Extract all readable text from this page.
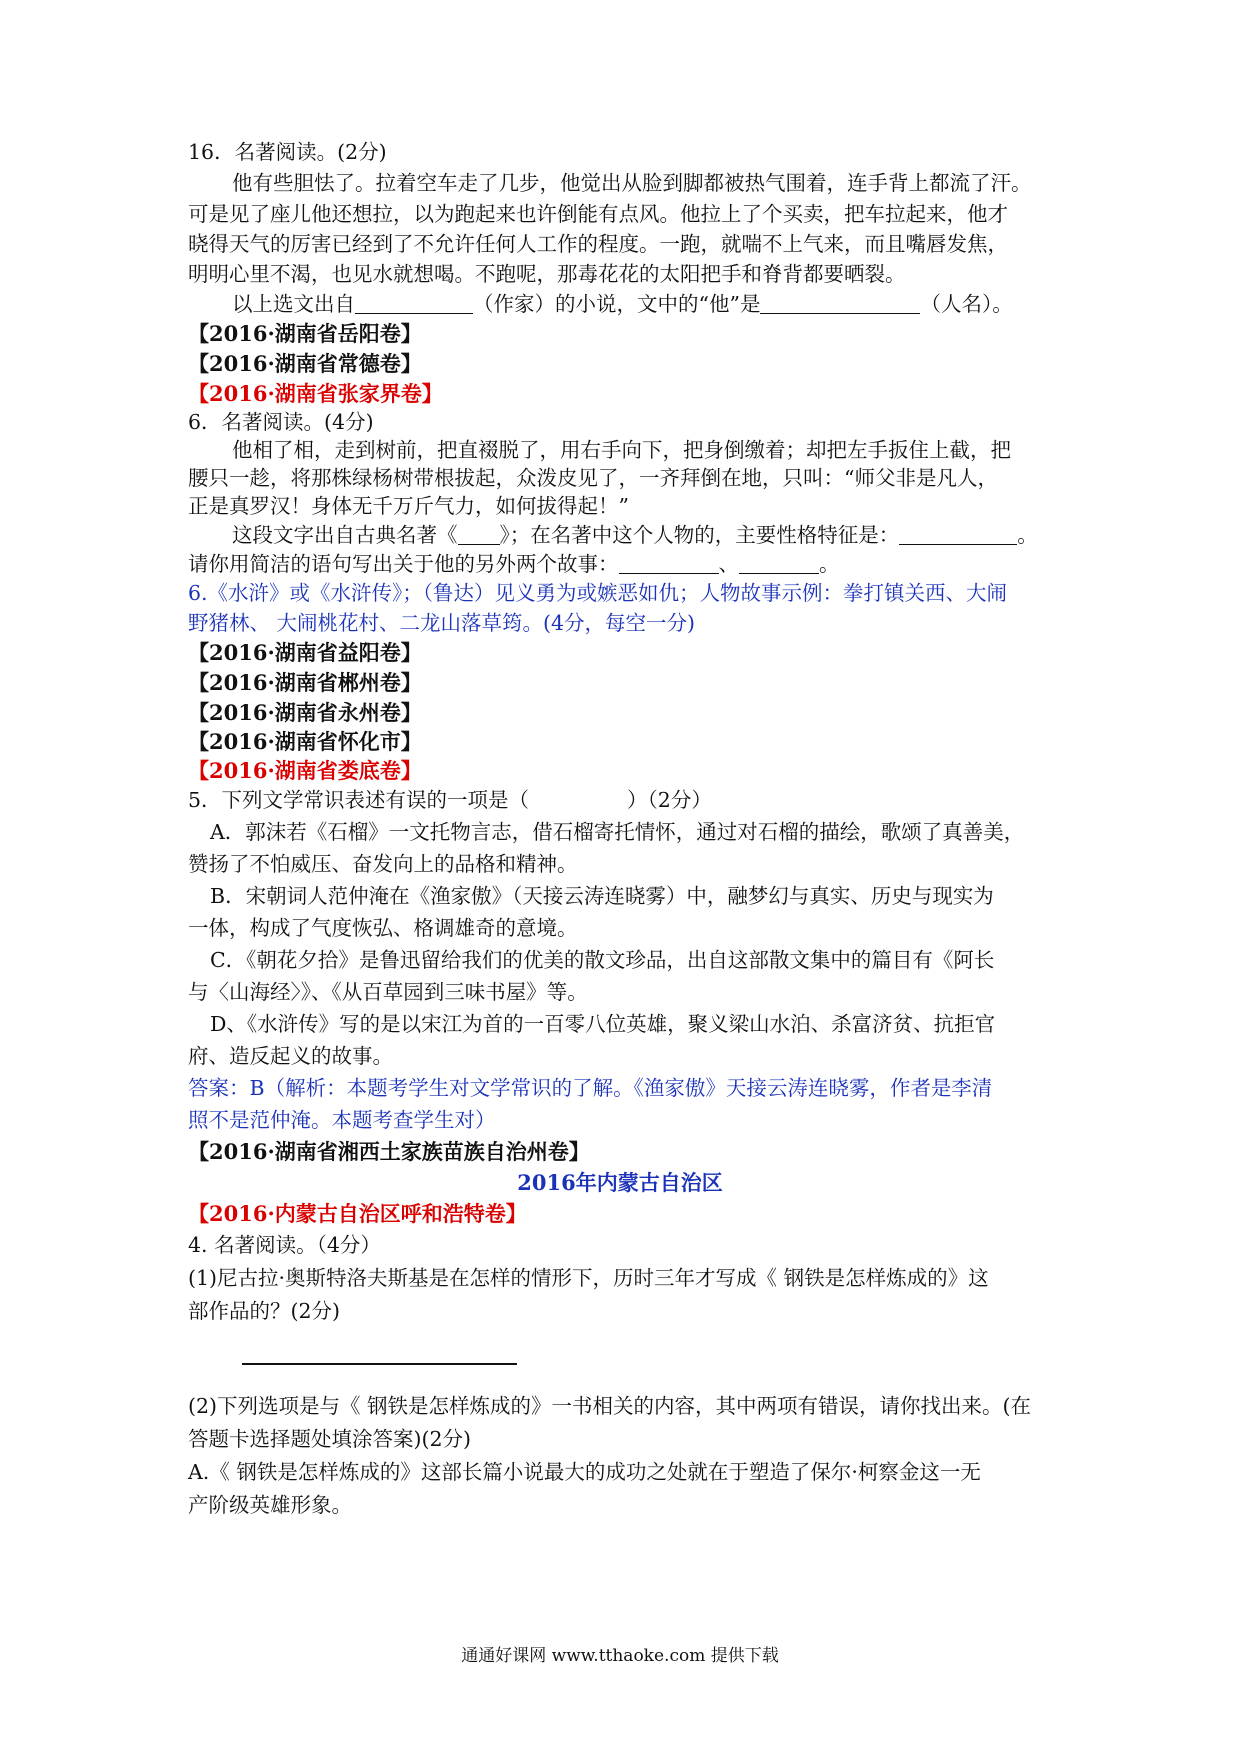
16．名著阅读。(2分)
他有些胆怯了。拉着空车走了几步，他觉出从脸到脚都被热气围着，连手背上都流了汗。
可是见了座儿他还想拉，以为跑起来也许倒能有点风。他拉上了个买卖，把车拉起来，他才
晓得天气的厉害已经到了不允许任何人工作的程度。一跑，就喘不上气来，而且嘴唇发焦，
明明心里不渴，也见水就想喝。不跑呢，那毒花花的太阳把手和脊背都要晒裂。
以上选文出自	（作家）的小说，文中的“他”是	（人名）。
【2016·湖南省岳阳卷】
【2016·湖南省常德卷】
【2016·湖南省张家界卷】
6．名著阅读。(4分)
他相了相，走到树前，把直裰脱了，用右手向下，把身倒缴着；却把左手扳住上截，把
腰只一趁，将那株绿杨树带根拔起，众泼皮见了，一齐拜倒在地，只叫：“师父非是凡人，
正是真罗汉！身体无千万斤气力，如何拔得起！”
这段文字出自古典名著《 》；在名著中这个人物的，主要性格特征是：	。
请你用简洁的语句写出关于他的另外两个故事：	、	。
6.《水浒》或《水浒传》；（鲁达）见义勇为或嫉恶如仇；人物故事示例：拳打镇关西、大闹
野猪林、 大闹桃花村、二龙山落草筠。(4分，每空一分)
【2016·湖南省益阳卷】
【2016·湖南省郴州卷】
【2016·湖南省永州卷】
【2016·湖南省怀化市】
【2016·湖南省娄底卷】
5．下列文学常识表述有误的一项是（	）（2分）
A．郭沫若《石榴》一文托物言志，借石榴寄托情怀，通过对石榴的描绘，歌颂了真善美，
赞扬了不怕威压、奋发向上的品格和精神。
B．宋朝词人范仲淹在《渔家傲》（天接云涛连晓雾）中，融梦幻与真实、历史与现实为
一体，构成了气度恢弘、格调雄奇的意境。
C．《朝花夕拾》是鲁迅留给我们的优美的散文珍品，出自这部散文集中的篇目有《阿长
与〈山海经〉》、《从百草园到三味书屋》等。
D、《水浒传》写的是以宋江为首的一百零八位英雄，聚义梁山水泊、杀富济贫、抗拒官
府、造反起义的故事。
答案：B（解析：本题考学生对文学常识的了解。《渔家傲》天接云涛连晓雾，作者是李清
照不是范仲淹。本题考查学生对）
【2016·湖南省湘西土家族苗族自治州卷】
2016年内蒙古自治区
【2016·内蒙古自治区呼和浩特卷】
4. 名著阅读。（4分）
(1)尼古拉·奥斯特洛夫斯基是在怎样的情形下，历时三年才写成《 钢铁是怎样炼成的》这
部作品的？(2分)
(2)下列选项是与《 钢铁是怎样炼成的》一书相关的内容，其中两项有错误，请你找出来。(在
答题卡选择题处填涂答案)(2分)
A.《 钢铁是怎样炼成的》这部长篇小说最大的成功之处就在于塑造了保尔·柯察金这一无
产阶级英雄形象。
通通好课网 www.tthaoke.com 提供下载
